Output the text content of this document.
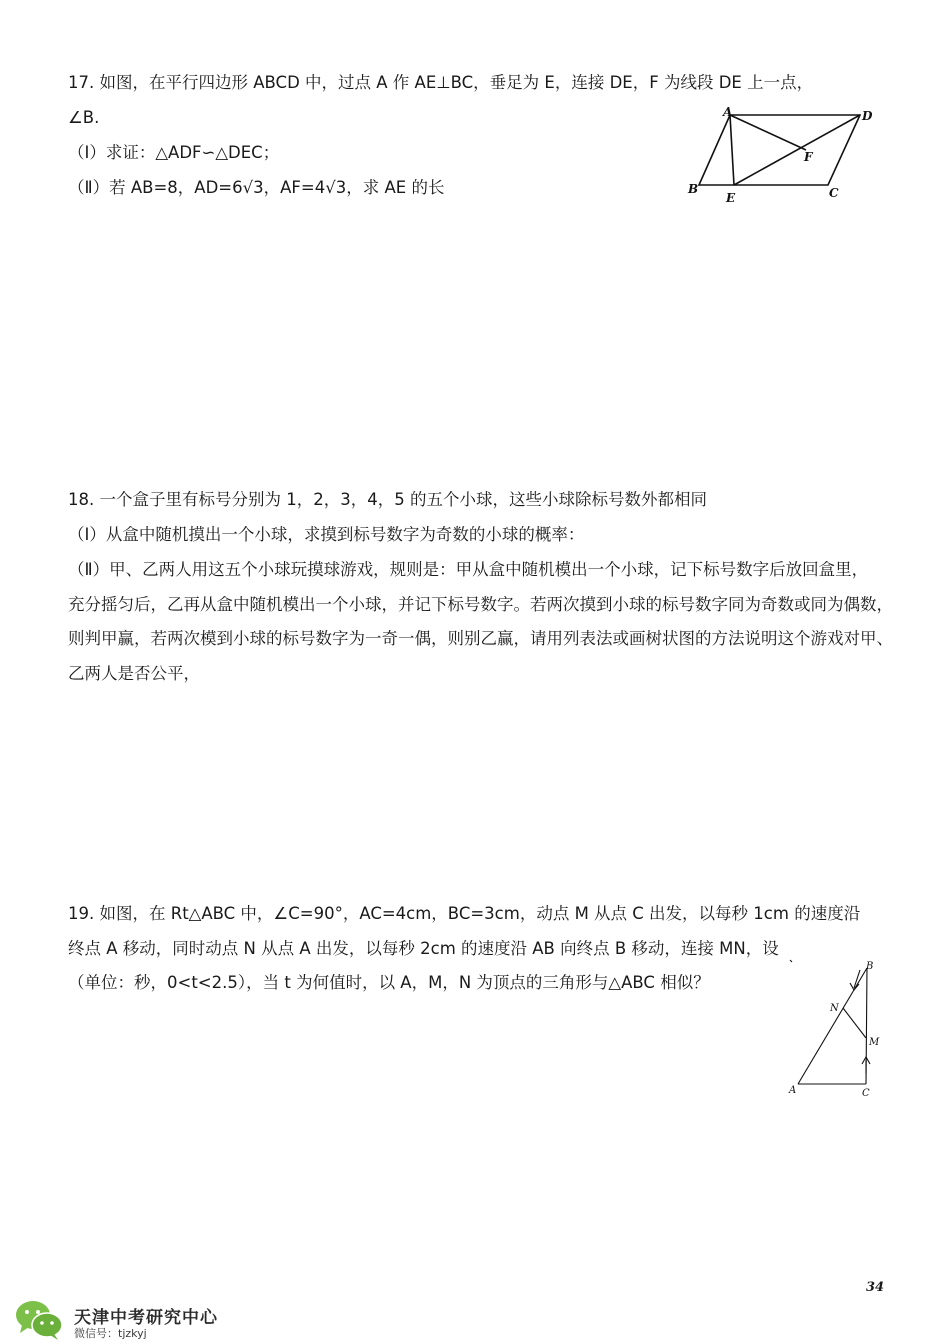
17. 如图，在平行四边形 ABCD 中，过点 A 作 AE⊥BC，垂足为 E，连接 DE，F 为线段 DE 上一点，
∠B.
（Ⅰ）求证：△ADF∽△DEC；
（Ⅱ）若 AB=8，AD=6√3，AF=4√3，求 AE 的长
A	D
F
B
E	C
18. 一个盒子里有标号分别为 1，2，3，4，5 的五个小球，这些小球除标号数外都相同
（Ⅰ）从盒中随机摸出一个小球，求摸到标号数字为奇数的小球的概率：
（Ⅱ）甲、乙两人用这五个小球玩摸球游戏，规则是：甲从盒中随机模出一个小球，记下标号数字后放回盒里，
充分摇匀后，乙再从盒中随机模出一个小球，并记下标号数字。若两次摸到小球的标号数字同为奇数或同为偶数，
则判甲赢，若两次模到小球的标号数字为一奇一偶，则别乙赢，请用列表法或画树状图的方法说明这个游戏对甲、
乙两人是否公平，
19. 如图，在 Rt△ABC 中，∠C=90°，AC=4cm，BC=3cm，动点 M 从点 C 出发，以每秒 1cm 的速度沿
终点 A 移动，同时动点 N 从点 A 出发，以每秒 2cm 的速度沿 AB 向终点 B 移动，连接 MN，设
（单位：秒，0<t<2.5），当 t 为何值时，以 A，M，N 为顶点的三角形与△ABC 相似？
B
N
M
A	C
34
天津中考研究中心
微信号：tjzkyj
